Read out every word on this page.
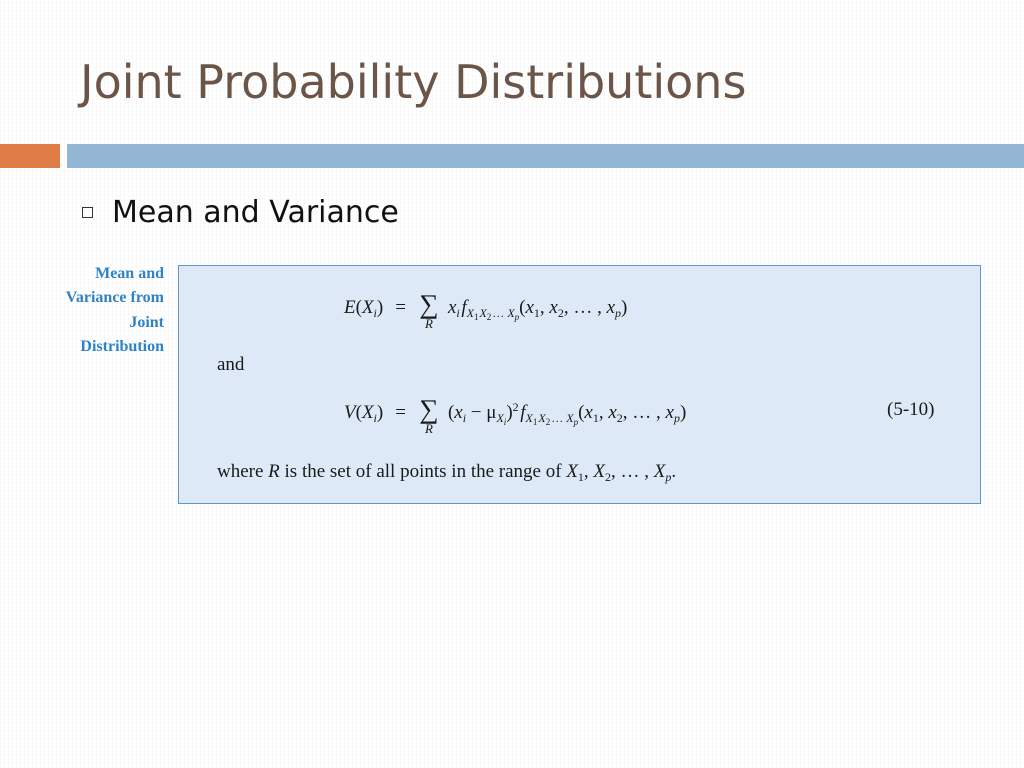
Joint Probability Distributions
Mean and Variance
Mean and
Variance from
Joint
Distribution
$E(X_i)$ = ∑
R
$x_i$ $f_{X_1 X_2 \dots X_p}(x_1$, $x_2$, … , $x_p$)
and
$V(X_i)$ = ∑
R
$(x_i - \mu_{X_i})^2$ $f_{X_1 X_2 \dots X_p}(x_1$, $x_2$, … , $x_p$)	(5-10)
where R is the set of all points in the range of $X_1$, $X_2$, … , $X_p$.
